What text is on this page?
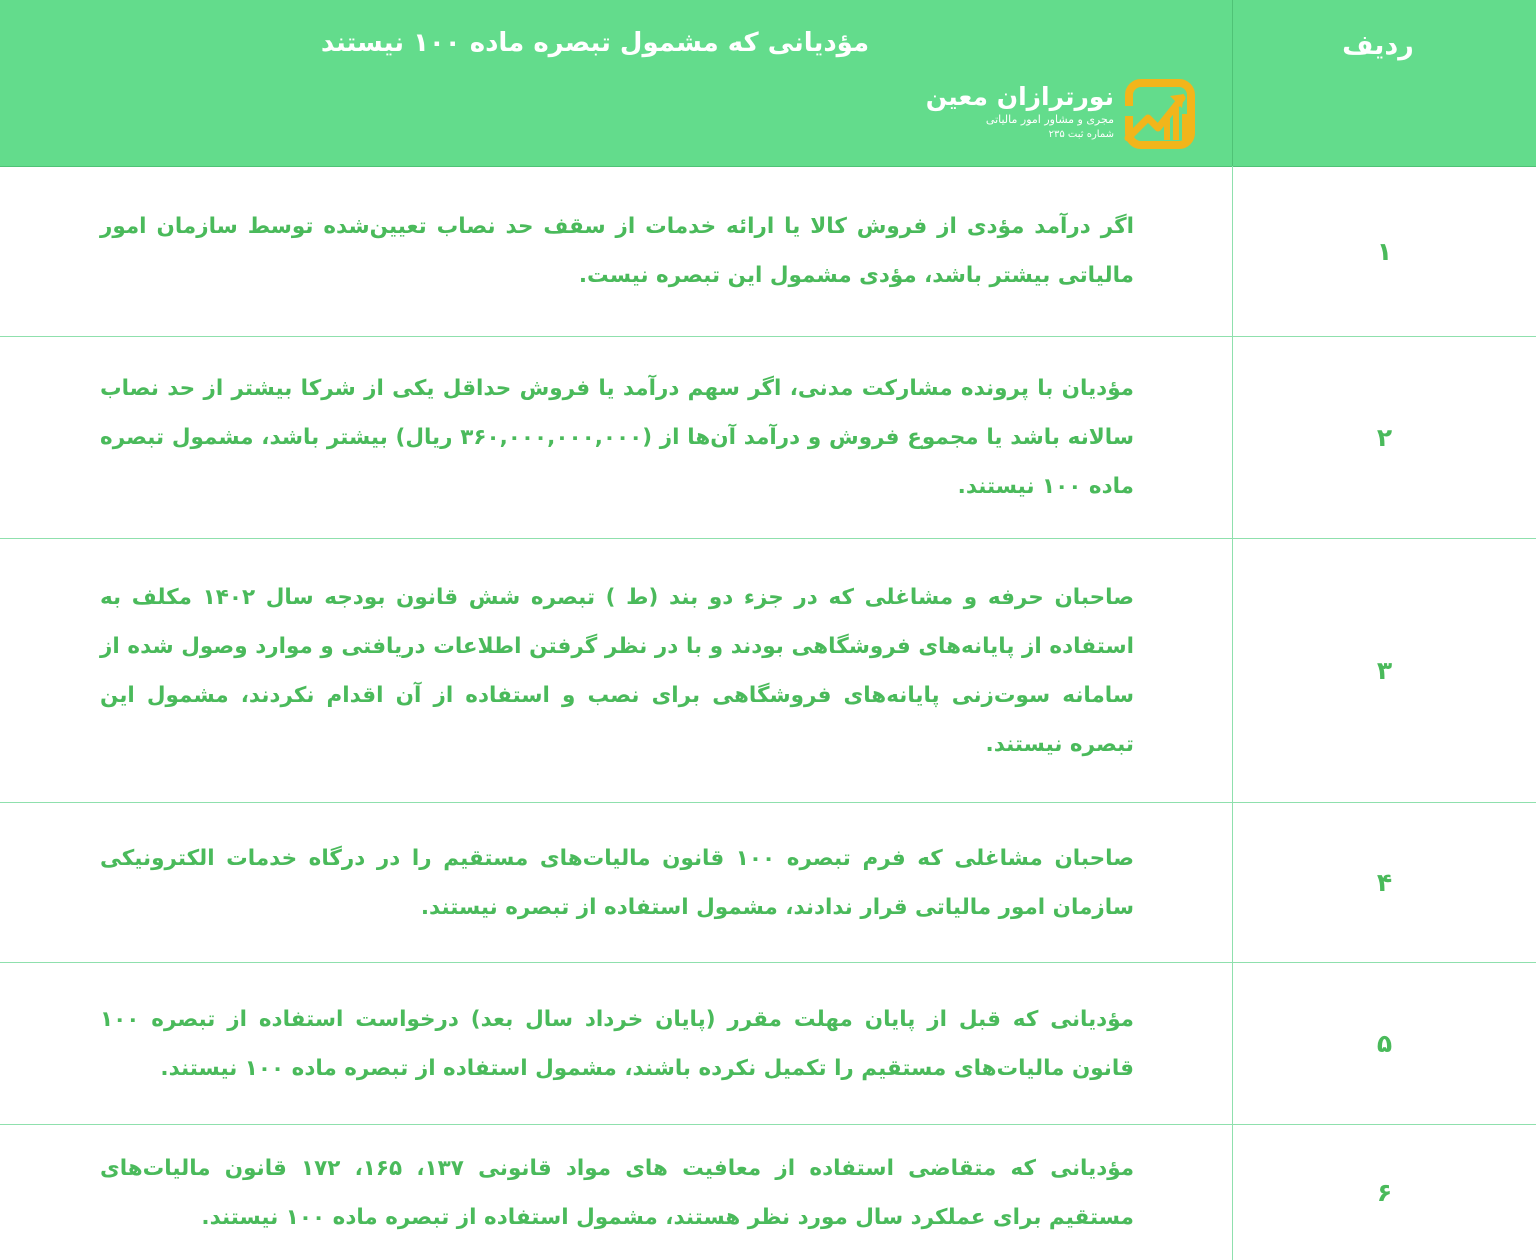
ردیف
مؤدیانی که مشمول تبصره ماده ۱۰۰ نیستند
نورترازان معین
مجری و مشاور امور مالیاتی
شماره ثبت ۲۳۵
۱
اگر درآمد مؤدی از فروش کالا یا ارائه خدمات از سقف حد نصاب تعیین‌شده توسط سازمان امور مالیاتی بیشتر باشد، مؤدی مشمول این تبصره نیست.
۲
مؤدیان با پرونده مشارکت مدنی، اگر سهم درآمد یا فروش حداقل یکی از شرکا بیشتر از حد نصاب سالانه باشد یا مجموع فروش و درآمد آن‌ها از (۳۶۰,۰۰۰,۰۰۰,۰۰۰ ریال) بیشتر باشد، مشمول تبصره ماده ۱۰۰ نیستند.
۳
صاحبان حرفه و مشاغلی که در جزء دو بند (ط ) تبصره شش قانون بودجه سال ۱۴۰۲ مکلف به استفاده از پایانه‌های فروشگاهی بودند و با در نظر گرفتن اطلاعات دریافتی و موارد وصول شده از سامانه سوت‌زنی پایانه‌های فروشگاهی برای نصب و استفاده از آن اقدام نکردند، مشمول این تبصره نیستند.
۴
صاحبان مشاغلی که فرم تبصره ۱۰۰ قانون مالیات‌های مستقیم را در درگاه خدمات الکترونیکی سازمان امور مالیاتی قرار ندادند، مشمول استفاده از تبصره نیستند.
۵
مؤدیانی که قبل از پایان مهلت مقرر (پایان خرداد سال بعد) درخواست استفاده از تبصره ۱۰۰ قانون مالیات‌های مستقیم را تکمیل نکرده باشند، مشمول استفاده از تبصره ماده ۱۰۰ نیستند.
۶
مؤدیانی که متقاضی استفاده از معافیت های مواد قانونی ۱۳۷، ۱۶۵، ۱۷۲ قانون مالیات‌های مستقیم برای عملکرد سال مورد نظر هستند، مشمول استفاده از تبصره ماده ۱۰۰ نیستند.
